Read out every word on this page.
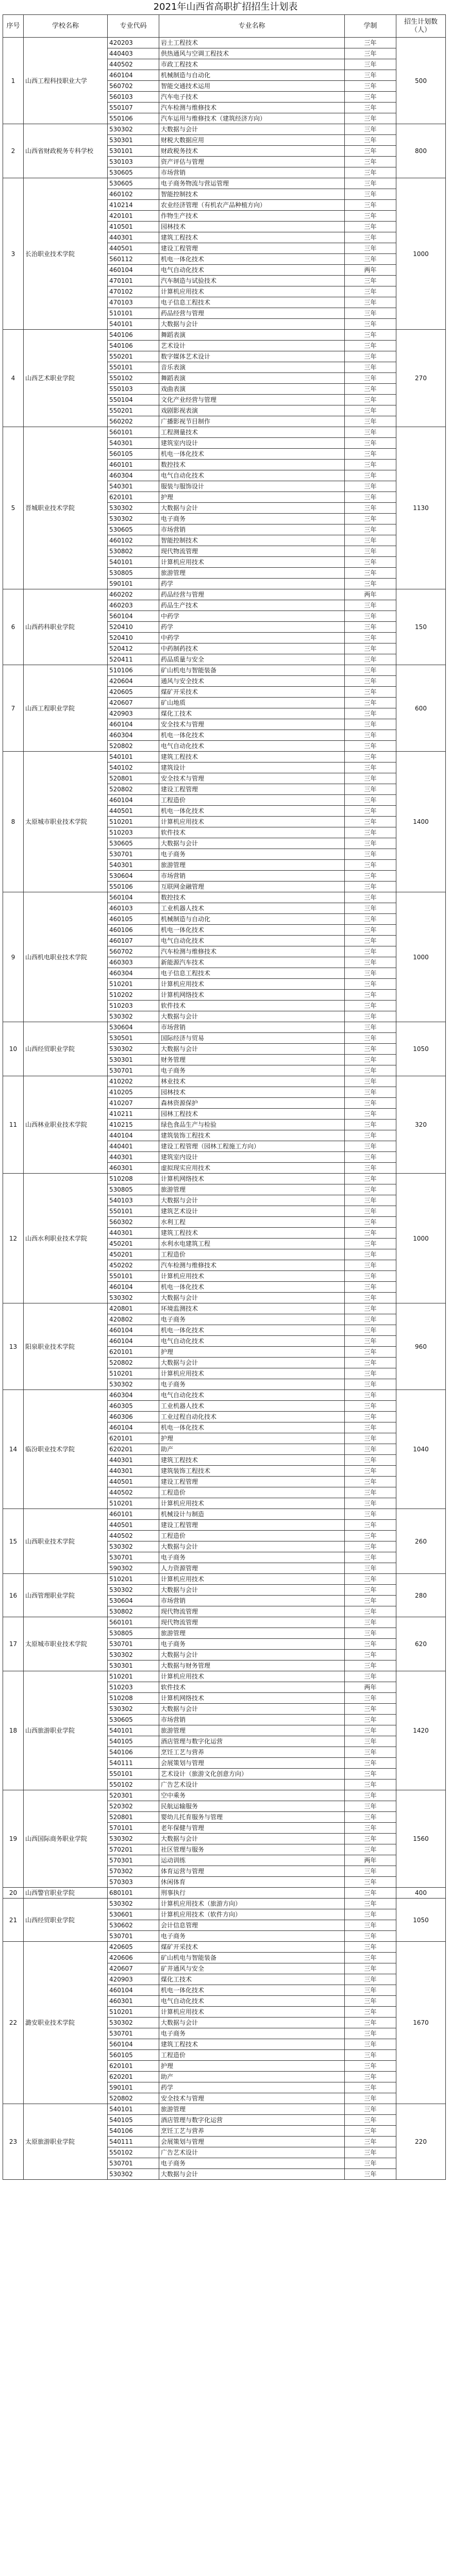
2021年山西省高职扩招招生计划表
序号	学校名称	专业代码	专业名称	学制	招生计划数（人）
1	山西工程科技职业大学	420203	岩土工程技术	三年	500
		440403	供热通风与空调工程技术	三年	
		440502	市政工程技术	三年	
		460104	机械制造与自动化	三年	
		560702	智能交通技术运用	三年	
		560103	汽车电子技术	三年	
		550107	汽车检测与维修技术	三年	
		550106	汽车运用与维修技术（建筑经济方向）	三年	
2	山西省财政税务专科学校	530302	大数据与会计	三年	800
		530301	财税大数据应用	三年	
		530101	财政税务技术	三年	
		530103	资产评估与管理	三年	
		530605	市场营销	三年	
3	长治职业技术学院	530605	电子商务物流与营运管理	三年	1000
		460102	智能控制技术	三年	
		410214	农业经济管理（有机农产品种植方向）	三年	
		420101	作物生产技术	三年	
		410501	园林技术	三年	
		440301	建筑工程技术	三年	
		440501	建设工程管理	三年	
		560112	机电一体化技术	三年	
		460104	电气自动化技术	两年	
		470101	汽车制造与试验技术	三年	
		470102	计算机应用技术	三年	
		470103	电子信息工程技术	三年	
		510101	药品经营与管理	三年	
		540101	大数据与会计	三年	
4	山西艺术职业学院	540106	舞蹈表演	三年	270
		540106	艺术设计	三年	
		550201	数字媒体艺术设计	三年	
		550101	音乐表演	三年	
		550102	舞蹈表演	三年	
		550103	戏曲表演	三年	
		550104	文化产业经营与管理	三年	
		550201	戏剧影视表演	三年	
		560202	广播影视节目制作	三年	
5	晋城职业技术学院	560101	工程测量技术	三年	1130
		540301	建筑室内设计	三年	
		560105	机电一体化技术	三年	
		460101	数控技术	三年	
		460304	电气自动化技术	三年	
		540301	服装与服饰设计	三年	
		620101	护理	三年	
		530302	大数据与会计	三年	
		530302	电子商务	三年	
		530605	市场营销	三年	
		460102	智能控制技术	三年	
		530802	现代物流管理	三年	
		540101	计算机应用技术	三年	
		530805	旅游管理	三年	
		590101	药学	三年	
6	山西药科职业学院	460202	药品经营与管理	两年	150
		460203	药品生产技术	三年	
		560104	中药学	三年	
		520410	药学	三年	
		520410	中药学	三年	
		520412	中药制药技术	三年	
		520411	药品质量与安全	三年	
7	山西工程职业学院	510106	矿山机电与智能装备	三年	600
		420604	通风与安全技术	三年	
		420605	煤矿开采技术	三年	
		420607	矿山地质	三年	
		420903	煤化工技术	三年	
		460104	安全技术与管理	三年	
		460304	机电一体化技术	三年	
		520802	电气自动化技术	三年	
8	太原城市职业技术学院	540101	建筑工程技术	三年	1400
		540102	建筑设计	三年	
		520801	安全技术与管理	三年	
		520802	建设工程管理	三年	
		460104	工程造价	三年	
		440501	机电一体化技术	三年	
		510201	计算机应用技术	三年	
		510203	软件技术	三年	
		530605	大数据与会计	三年	
		530701	电子商务	三年	
		540301	旅游管理	三年	
		530604	市场营销	三年	
		550106	互联网金融管理	三年	
9	山西机电职业技术学院	560104	数控技术	三年	1000
		460103	工业机器人技术	三年	
		460105	机械制造与自动化	三年	
		460106	机电一体化技术	三年	
		460107	电气自动化技术	三年	
		560702	汽车检测与维修技术	三年	
		460303	新能源汽车技术	三年	
		460304	电子信息工程技术	三年	
		510201	计算机应用技术	三年	
		510202	计算机网络技术	三年	
		510203	软件技术	三年	
		530302	大数据与会计	三年	
10	山西经贸职业学院	530604	市场营销	三年	1050
		530501	国际经济与贸易	三年	
		530302	大数据与会计	三年	
		530301	财务管理	三年	
		530701	电子商务	三年	
11	山西林业职业技术学院	410202	林业技术	三年	320
		410205	园林技术	三年	
		410207	森林资源保护	三年	
		410211	园林工程技术	三年	
		410215	绿色食品生产与检验	三年	
		440104	建筑装饰工程技术	三年	
		440401	建设工程管理（园林工程施工方向）	三年	
		440301	建筑室内设计	三年	
		460301	虚拟现实应用技术	三年	
12	山西水利职业技术学院	510208	计算机网络技术	三年	1000
		530805	旅游管理	三年	
		540103	大数据与会计	三年	
		550101	建筑艺术设计	三年	
		560302	水利工程	三年	
		440301	建筑工程技术	三年	
		450201	水利水电建筑工程	三年	
		450201	工程造价	三年	
		450202	汽车检测与维修技术	三年	
		550101	计算机应用技术	三年	
		460104	机电一体化技术	三年	
		530302	大数据与会计	三年	
13	阳泉职业技术学院	420801	环境监测技术	三年	960
		420802	电子商务	三年	
		460104	机电一体化技术	三年	
		460104	电气自动化技术	三年	
		620101	护理	三年	
		520802	大数据与会计	三年	
		510201	计算机应用技术	三年	
		530302	电子商务	三年	
14	临汾职业技术学院	460304	电气自动化技术	三年	1040
		460305	工业机器人技术	三年	
		460306	工业过程自动化技术	三年	
		460104	机电一体化技术	三年	
		620101	护理	三年	
		620201	助产	三年	
		440301	建筑工程技术	三年	
		440301	建筑装饰工程技术	三年	
		440501	建设工程管理	三年	
		440502	工程造价	三年	
		510201	计算机应用技术	三年	
15	山西职业技术学院	460101	机械设计与制造	三年	260
		440501	建设工程管理	三年	
		440502	工程造价	三年	
		530302	大数据与会计	三年	
		530701	电子商务	三年	
		590302	人力资源管理	三年	
16	山西管理职业学院	510201	计算机应用技术	三年	280
		530302	大数据与会计	三年	
		530604	市场营销	三年	
		530802	现代物流管理	三年	
17	太原城市职业技术学院	560101	现代物流管理	三年	620
		530805	旅游管理	三年	
		530701	电子商务	三年	
		530302	大数据与会计	三年	
		530301	大数据与财务管理	三年	
18	山西旅游职业学院	510201	计算机应用技术	三年	1420
		510203	软件技术	两年	
		510208	计算机网络技术	三年	
		530302	大数据与会计	三年	
		530605	市场营销	三年	
		540101	旅游管理	三年	
		540105	酒店管理与数字化运营	三年	
		540106	烹饪工艺与营养	三年	
		540111	会展策划与管理	三年	
		550101	艺术设计（旅游文化创意方向）	三年	
		550102	广告艺术设计	三年	
19	山西国际商务职业学院	520301	空中乘务	三年	1560
		520302	民航运输服务	三年	
		520801	婴幼儿托育服务与管理	三年	
		570101	老年保健与管理	三年	
		530302	大数据与会计	三年	
		570201	社区管理与服务	三年	
		570301	运动训练	两年	
		570302	体育运营与管理	三年	
		570303	休闲体育	三年	
20	山西警官职业学院	680101	刑事执行	三年	400
21	山西经贸职业学院	530302	计算机应用技术（旅游方向）	三年	1050
		530601	计算机应用技术（软件方向）	三年	
		530602	会计信息管理	三年	
		530701	电子商务	三年	
22	潞安职业技术学院	420605	煤矿开采技术	三年	1670
		420606	矿山机电与智能装备	三年	
		420607	矿井通风与安全	三年	
		420903	煤化工技术	三年	
		460104	机电一体化技术	三年	
		460301	电气自动化技术	三年	
		510201	计算机应用技术	三年	
		530302	大数据与会计	三年	
		530701	电子商务	三年	
		560104	建筑工程技术	三年	
		560105	工程造价	三年	
		620101	护理	三年	
		620201	助产	三年	
		590101	药学	三年	
		520802	安全技术与管理	三年	
23	太原旅游职业学院	540101	旅游管理	三年	220
		540105	酒店管理与数字化运营	三年	
		540106	烹饪工艺与营养	三年	
		540111	会展策划与管理	三年	
		550102	广告艺术设计	三年	
		530701	电子商务	三年	
		530302	大数据与会计	三年	
